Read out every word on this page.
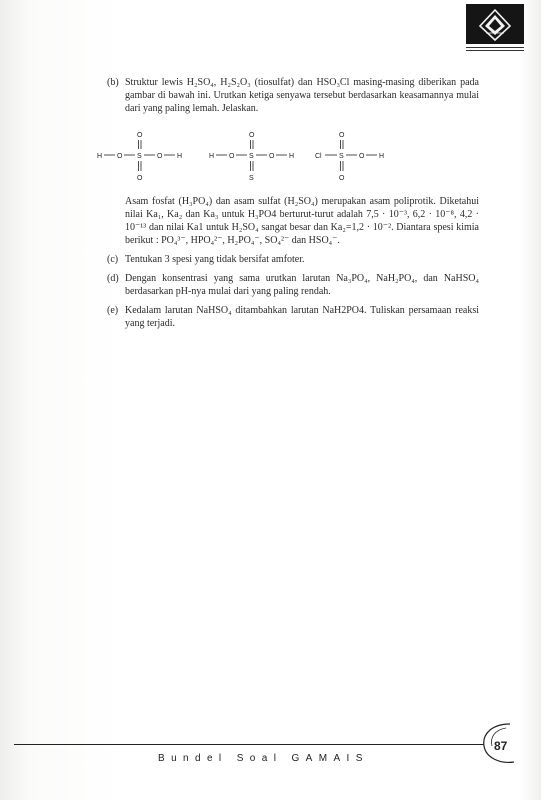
(b) Struktur lewis H₂SO₄, H₂S₂O₃ (tiosulfat) dan HSO₃Cl masing-masing diberikan pada gambar di bawah ini. Urutkan ketiga senyawa tersebut berdasarkan keasamannya mulai dari yang paling lemah. Jelaskan.

H O S
O
O
O H	H O S
O
S
O H	Cl S
O
O
O H

Asam fosfat (H₃PO₄) dan asam sulfat (H₂SO₄) merupakan asam poliprotik. Diketahui nilai Ka₁, Ka₂ dan Ka₃ untuk H₃PO4 berturut-turut adalah 7,5 · 10⁻³, 6,2 · 10⁻⁸, 4,2 · 10⁻¹³ dan nilai Ka1 untuk H₂SO₄ sangat besar dan Ka₂=1,2 · 10⁻². Diantara spesi kimia berikut : PO₄³⁻, HPO₄²⁻, H₂PO₄⁻, SO₄²⁻ dan HSO₄⁻.

(c) Tentukan 3 spesi yang tidak bersifat amfoter.

(d) Dengan konsentrasi yang sama urutkan larutan Na₃PO₄, NaH₂PO₄, dan NaHSO₄ berdasarkan pH-nya mulai dari yang paling rendah.

(e) Kedalam larutan NaHSO₄ ditambahkan larutan NaH2PO4. Tuliskan persamaan reaksi yang terjadi.

87
Bundel Soal GAMAIS
